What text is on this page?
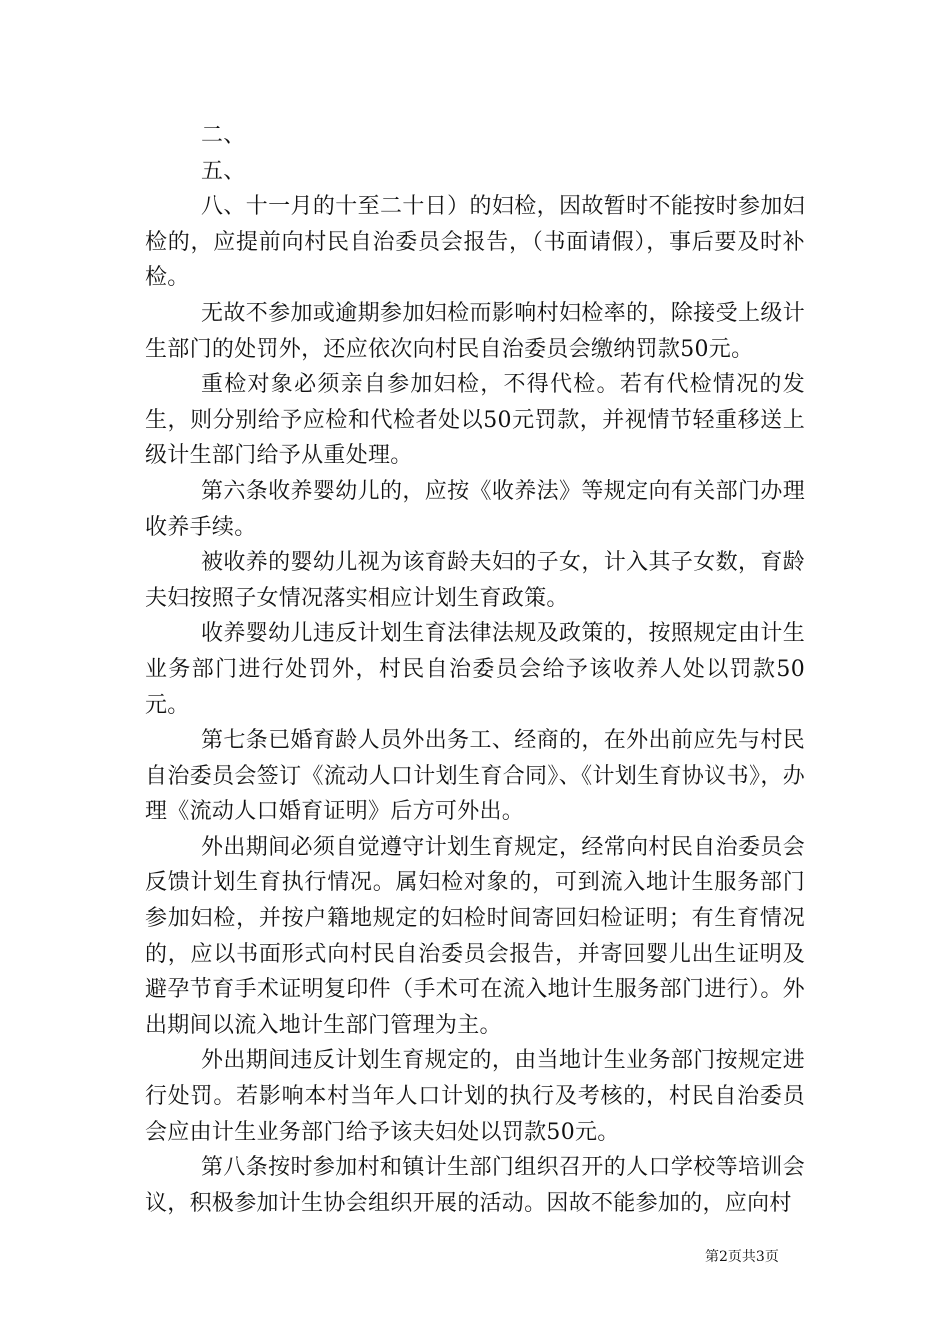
二、

五、

八、十一月的十至二十日）的妇检，因故暂时不能按时参加妇检的，应提前向村民自治委员会报告，（书面请假），事后要及时补检。

无故不参加或逾期参加妇检而影响村妇检率的，除接受上级计生部门的处罚外，还应依次向村民自治委员会缴纳罚款50元。

重检对象必须亲自参加妇检，不得代检。若有代检情况的发生，则分别给予应检和代检者处以50元罚款，并视情节轻重移送上级计生部门给予从重处理。

第六条收养婴幼儿的，应按《收养法》等规定向有关部门办理收养手续。

被收养的婴幼儿视为该育龄夫妇的子女，计入其子女数，育龄夫妇按照子女情况落实相应计划生育政策。

收养婴幼儿违反计划生育法律法规及政策的，按照规定由计生业务部门进行处罚外，村民自治委员会给予该收养人处以罚款50元。

第七条已婚育龄人员外出务工、经商的，在外出前应先与村民自治委员会签订《流动人口计划生育合同》、《计划生育协议书》，办理《流动人口婚育证明》后方可外出。

外出期间必须自觉遵守计划生育规定，经常向村民自治委员会反馈计划生育执行情况。属妇检对象的，可到流入地计生服务部门参加妇检，并按户籍地规定的妇检时间寄回妇检证明；有生育情况的，应以书面形式向村民自治委员会报告，并寄回婴儿出生证明及避孕节育手术证明复印件（手术可在流入地计生服务部门进行）。外出期间以流入地计生部门管理为主。

外出期间违反计划生育规定的，由当地计生业务部门按规定进行处罚。若影响本村当年人口计划的执行及考核的，村民自治委员会应由计生业务部门给予该夫妇处以罚款50元。

第八条按时参加村和镇计生部门组织召开的人口学校等培训会议，积极参加计生协会组织开展的活动。因故不能参加的，应向村

第2页共3页
